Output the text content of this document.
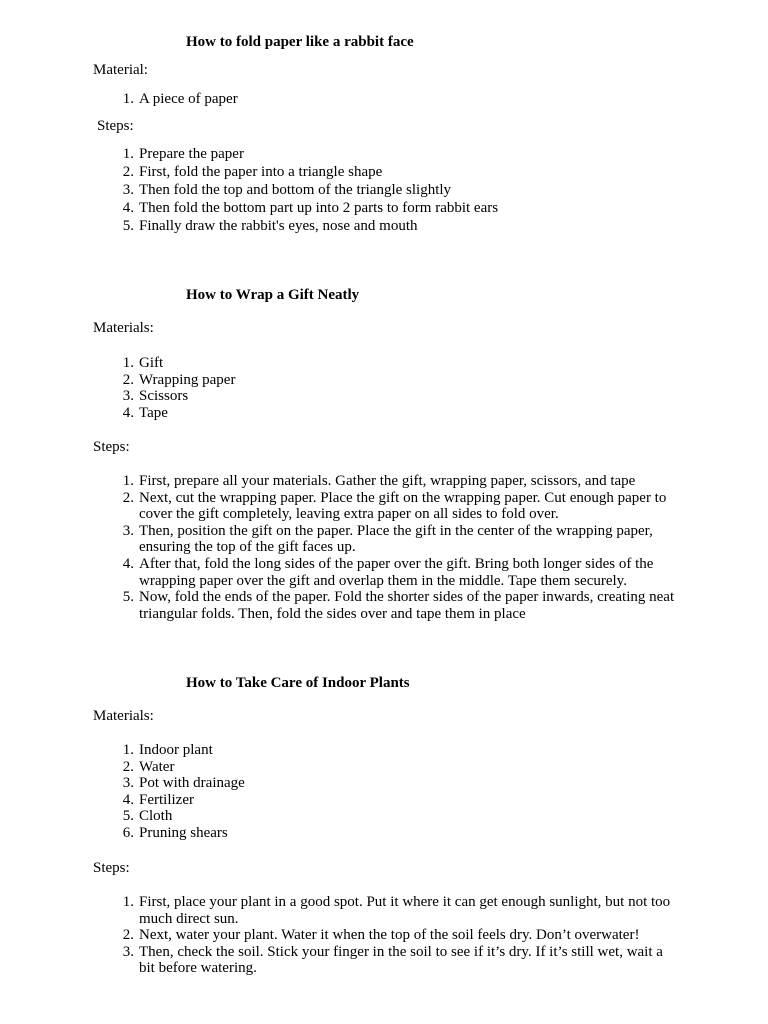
How to fold paper like a rabbit face

Material:

1. A piece of paper

Steps:

1. Prepare the paper
2. First, fold the paper into a triangle shape
3. Then fold the top and bottom of the triangle slightly
4. Then fold the bottom part up into 2 parts to form rabbit ears
5. Finally draw the rabbit's eyes, nose and mouth
How to Wrap a Gift Neatly

Materials:

1. Gift
2. Wrapping paper
3. Scissors
4. Tape

Steps:

1. First, prepare all your materials. Gather the gift, wrapping paper, scissors, and tape
2. Next, cut the wrapping paper. Place the gift on the wrapping paper. Cut enough paper to cover the gift completely, leaving extra paper on all sides to fold over.
3. Then, position the gift on the paper. Place the gift in the center of the wrapping paper, ensuring the top of the gift faces up.
4. After that, fold the long sides of the paper over the gift. Bring both longer sides of the wrapping paper over the gift and overlap them in the middle. Tape them securely.
5. Now, fold the ends of the paper. Fold the shorter sides of the paper inwards, creating neat triangular folds. Then, fold the sides over and tape them in place
How to Take Care of Indoor Plants

Materials:

1. Indoor plant
2. Water
3. Pot with drainage
4. Fertilizer
5. Cloth
6. Pruning shears

Steps:

1. First, place your plant in a good spot. Put it where it can get enough sunlight, but not too much direct sun.
2. Next, water your plant. Water it when the top of the soil feels dry. Don’t overwater!
3. Then, check the soil. Stick your finger in the soil to see if it’s dry. If it’s still wet, wait a bit before watering.
